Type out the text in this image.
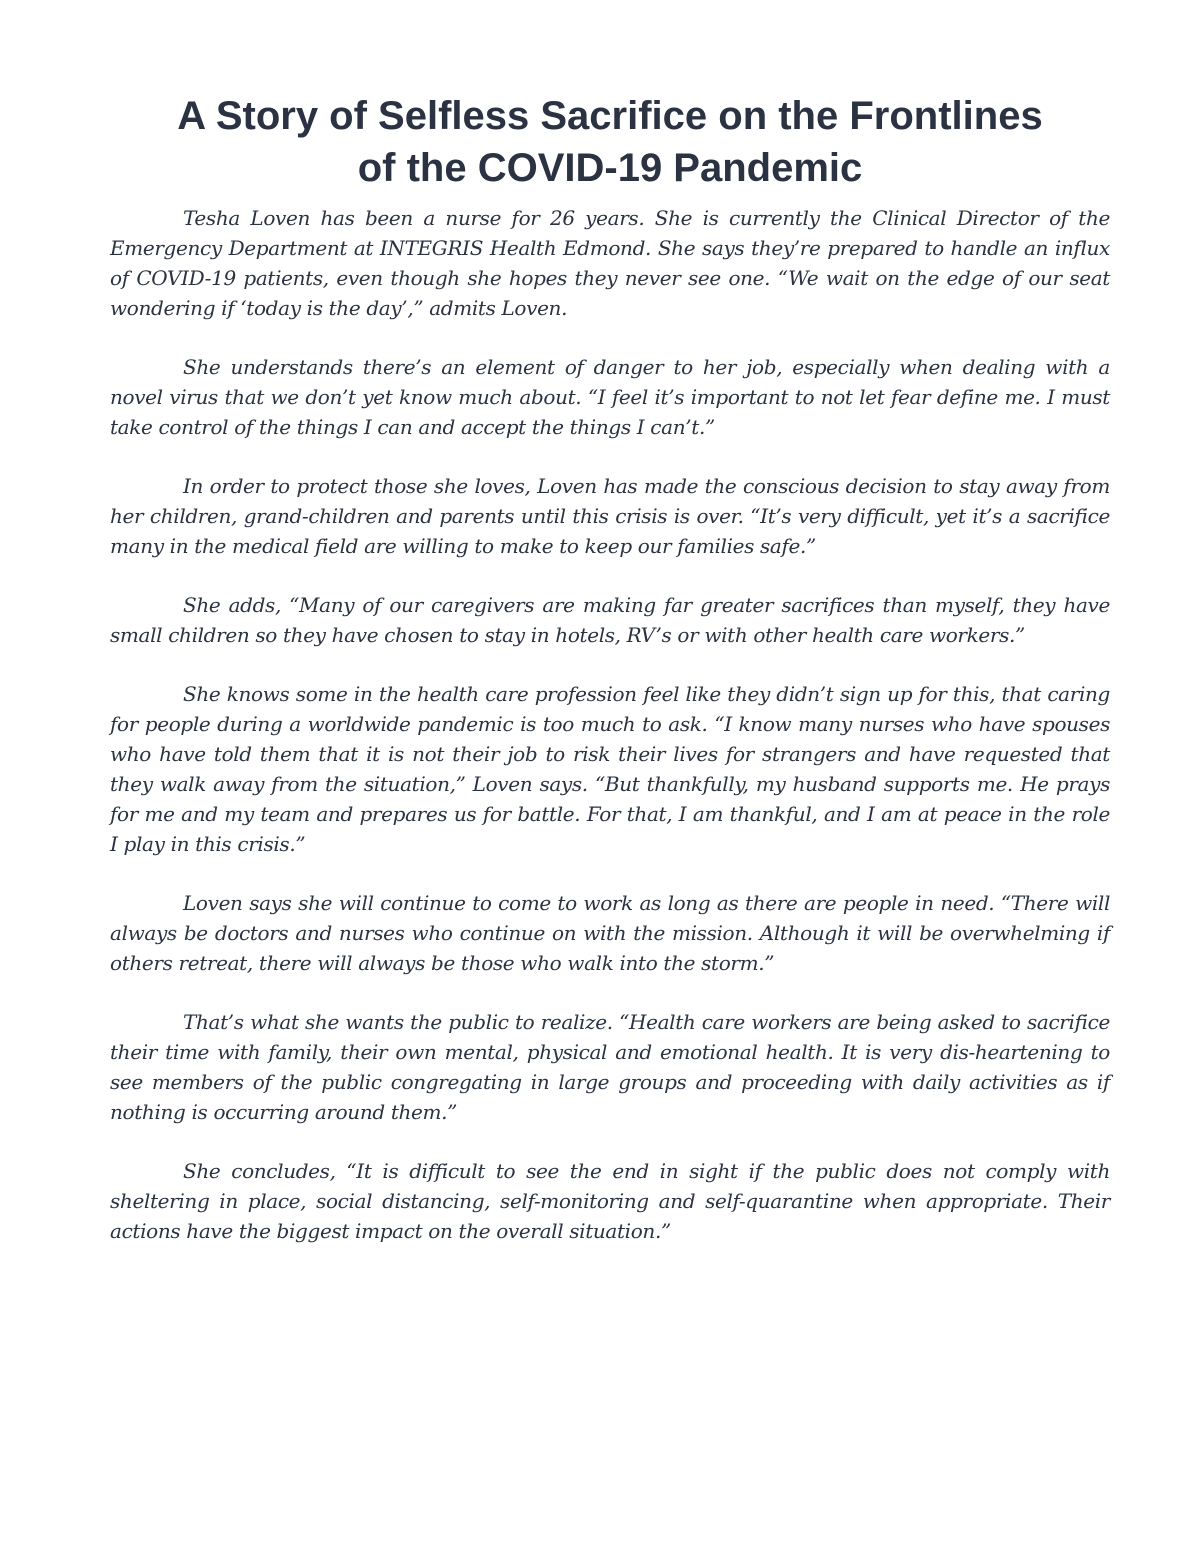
A Story of Selfless Sacrifice on the Frontlines
of the COVID-19 Pandemic

Tesha Loven has been a nurse for 26 years. She is currently the Clinical Director of the Emergency Department at INTEGRIS Health Edmond. She says they’re prepared to handle an influx of COVID-19 patients, even though she hopes they never see one. “We wait on the edge of our seat wondering if ‘today is the day’,” admits Loven.

She understands there’s an element of danger to her job, especially when dealing with a novel virus that we don’t yet know much about. “I feel it’s important to not let fear define me. I must take control of the things I can and accept the things I can’t.”

In order to protect those she loves, Loven has made the conscious decision to stay away from her children, grand-children and parents until this crisis is over. “It’s very difficult, yet it’s a sacrifice many in the medical field are willing to make to keep our families safe.”

She adds, “Many of our caregivers are making far greater sacrifices than myself, they have small children so they have chosen to stay in hotels, RV’s or with other health care workers.”

She knows some in the health care profession feel like they didn’t sign up for this, that caring for people during a worldwide pandemic is too much to ask. “I know many nurses who have spouses who have told them that it is not their job to risk their lives for strangers and have requested that they walk away from the situation,” Loven says. “But thankfully, my husband supports me. He prays for me and my team and prepares us for battle. For that, I am thankful, and I am at peace in the role I play in this crisis.”

Loven says she will continue to come to work as long as there are people in need. “There will always be doctors and nurses who continue on with the mission. Although it will be overwhelming if others retreat, there will always be those who walk into the storm.”

That’s what she wants the public to realize. “Health care workers are being asked to sacrifice their time with family, their own mental, physical and emotional health. It is very dis-heartening to see members of the public congregating in large groups and proceeding with daily activities as if nothing is occurring around them.”

She concludes, “It is difficult to see the end in sight if the public does not comply with sheltering in place, social distancing, self-monitoring and self-quarantine when appropriate. Their actions have the biggest impact on the overall situation.”
